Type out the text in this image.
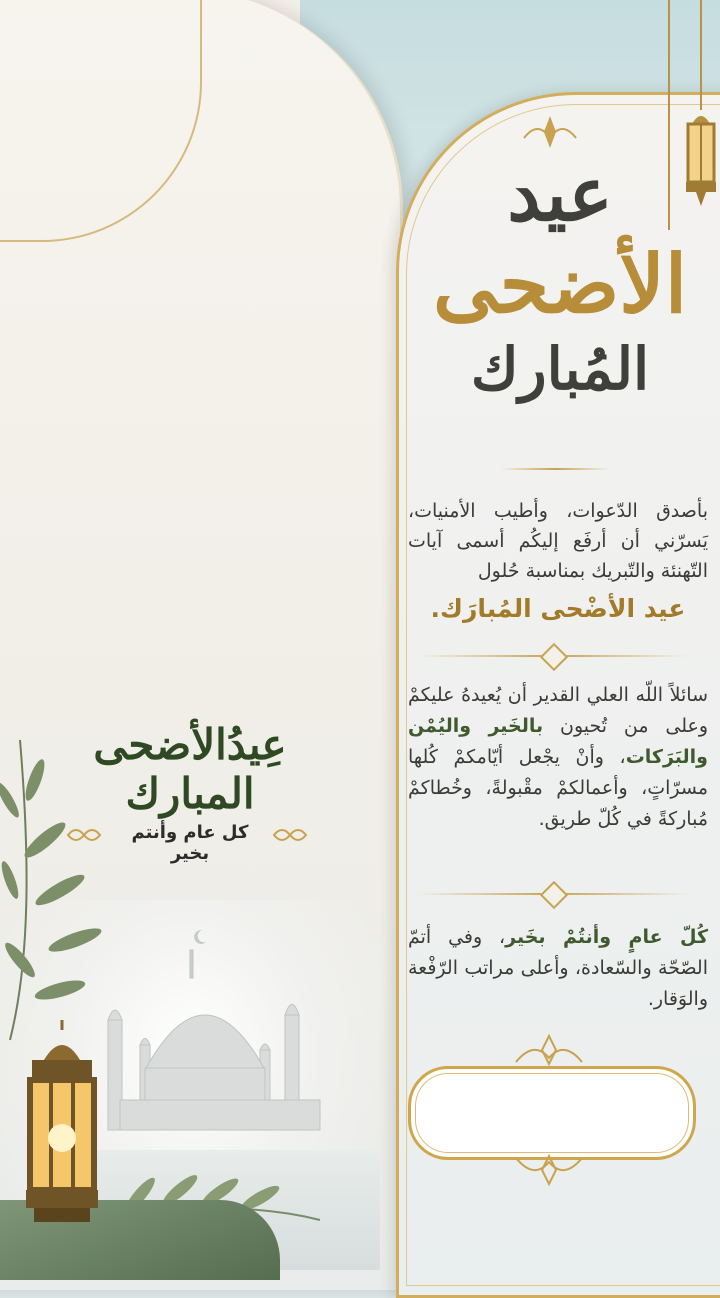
عِيدُالأضحى المبارك
كل عام وأنتم بخير
عيد
الأضحى
المُبارك
بأصدق الدّعوات، وأطيب الأمنيات، يَسرّني أن أرفَع إليكُم أسمى آيات التّهنئة والتّبريك بمناسبة حُلول
عيد الأضْحى المُبارَك.
سائلاً اللّه العلي القدير أن يُعيدهُ عليكمْ وعلى من تُحيون بالخَير واليُمْن والبَرَكات، وأنْ يجْعل أيّامكمْ كُلها مسرّاتٍ، وأعمالكمْ مقْبولةً، وخُطاكمْ مُباركةً في كُلّ طريق.
كُلّ عامٍ وأنتُمْ بخَير، وفي أتمّ الصّحّة والسّعادة، وأعلى مراتب الرّفْعة والوَقار.
